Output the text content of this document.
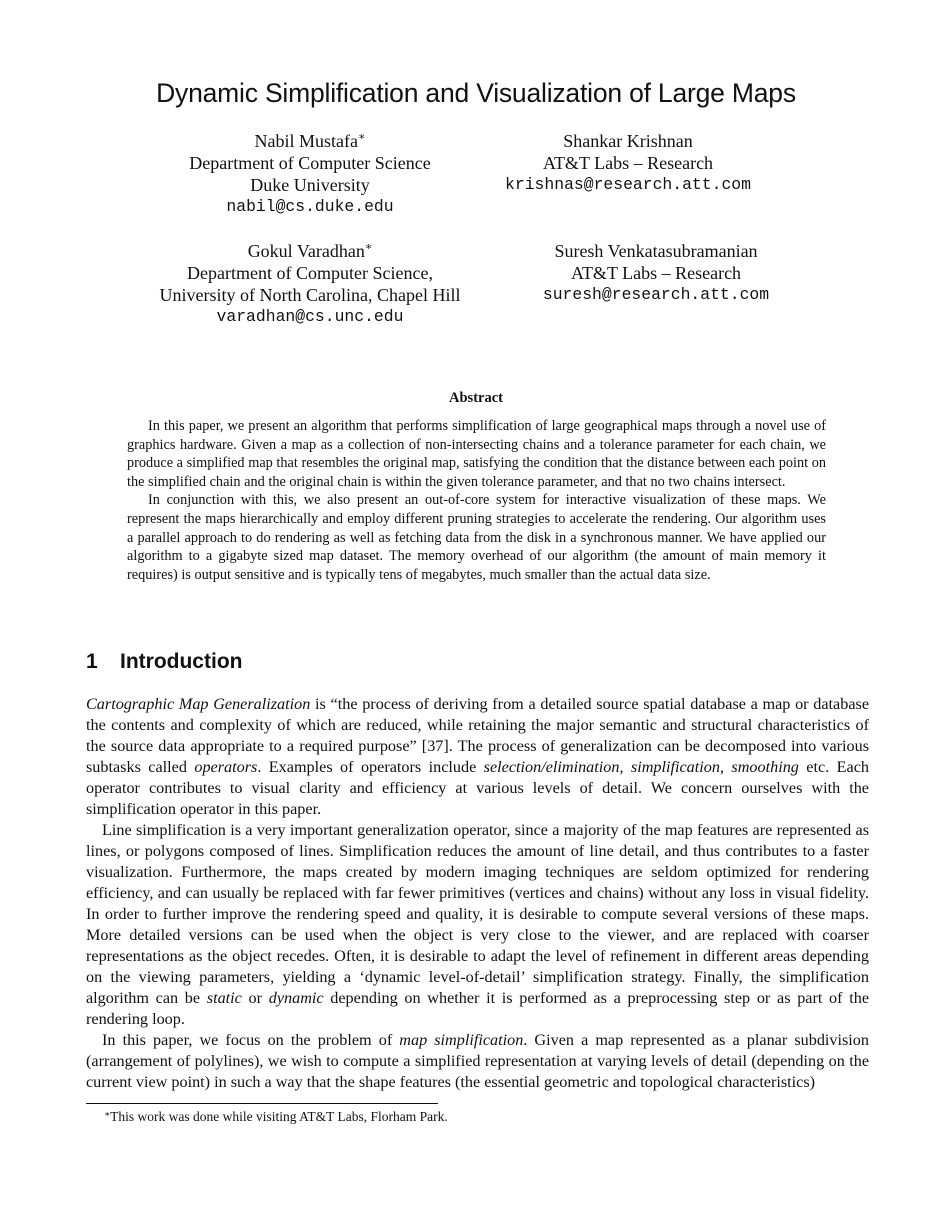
Dynamic Simplification and Visualization of Large Maps
Nabil Mustafa∗
Department of Computer Science
Duke University
nabil@cs.duke.edu
Shankar Krishnan
AT&T Labs – Research
krishnas@research.att.com
Gokul Varadhan∗
Department of Computer Science,
University of North Carolina, Chapel Hill
varadhan@cs.unc.edu
Suresh Venkatasubramanian
AT&T Labs – Research
suresh@research.att.com
Abstract

In this paper, we present an algorithm that performs simplification of large geographical maps through a novel use of graphics hardware. Given a map as a collection of non-intersecting chains and a tolerance parameter for each chain, we produce a simplified map that resembles the original map, satisfying the condition that the distance between each point on the simplified chain and the original chain is within the given tolerance parameter, and that no two chains intersect.

In conjunction with this, we also present an out-of-core system for interactive visualization of these maps. We represent the maps hierarchically and employ different pruning strategies to accelerate the rendering. Our algorithm uses a parallel approach to do rendering as well as fetching data from the disk in a synchronous manner. We have applied our algorithm to a gigabyte sized map dataset. The memory overhead of our algorithm (the amount of main memory it requires) is output sensitive and is typically tens of megabytes, much smaller than the actual data size.

1 Introduction

Cartographic Map Generalization is “the process of deriving from a detailed source spatial database a map or database the contents and complexity of which are reduced, while retaining the major semantic and structural characteristics of the source data appropriate to a required purpose” [37]. The process of generalization can be decomposed into various subtasks called operators. Examples of operators include selection/elimination, simplification, smoothing etc. Each operator contributes to visual clarity and efficiency at various levels of detail. We concern ourselves with the simplification operator in this paper.

Line simplification is a very important generalization operator, since a majority of the map features are represented as lines, or polygons composed of lines. Simplification reduces the amount of line detail, and thus contributes to a faster visualization. Furthermore, the maps created by modern imaging techniques are seldom optimized for rendering efficiency, and can usually be replaced with far fewer primitives (vertices and chains) without any loss in visual fidelity. In order to further improve the rendering speed and quality, it is desirable to compute several versions of these maps. More detailed versions can be used when the object is very close to the viewer, and are replaced with coarser representations as the object recedes. Often, it is desirable to adapt the level of refinement in different areas depending on the viewing parameters, yielding a ‘dynamic level-of-detail’ simplification strategy. Finally, the simplification algorithm can be static or dynamic depending on whether it is performed as a preprocessing step or as part of the rendering loop.

In this paper, we focus on the problem of map simplification. Given a map represented as a planar subdivision (arrangement of polylines), we wish to compute a simplified representation at varying levels of detail (depending on the current view point) in such a way that the shape features (the essential geometric and topological characteristics)

∗This work was done while visiting AT&T Labs, Florham Park.
